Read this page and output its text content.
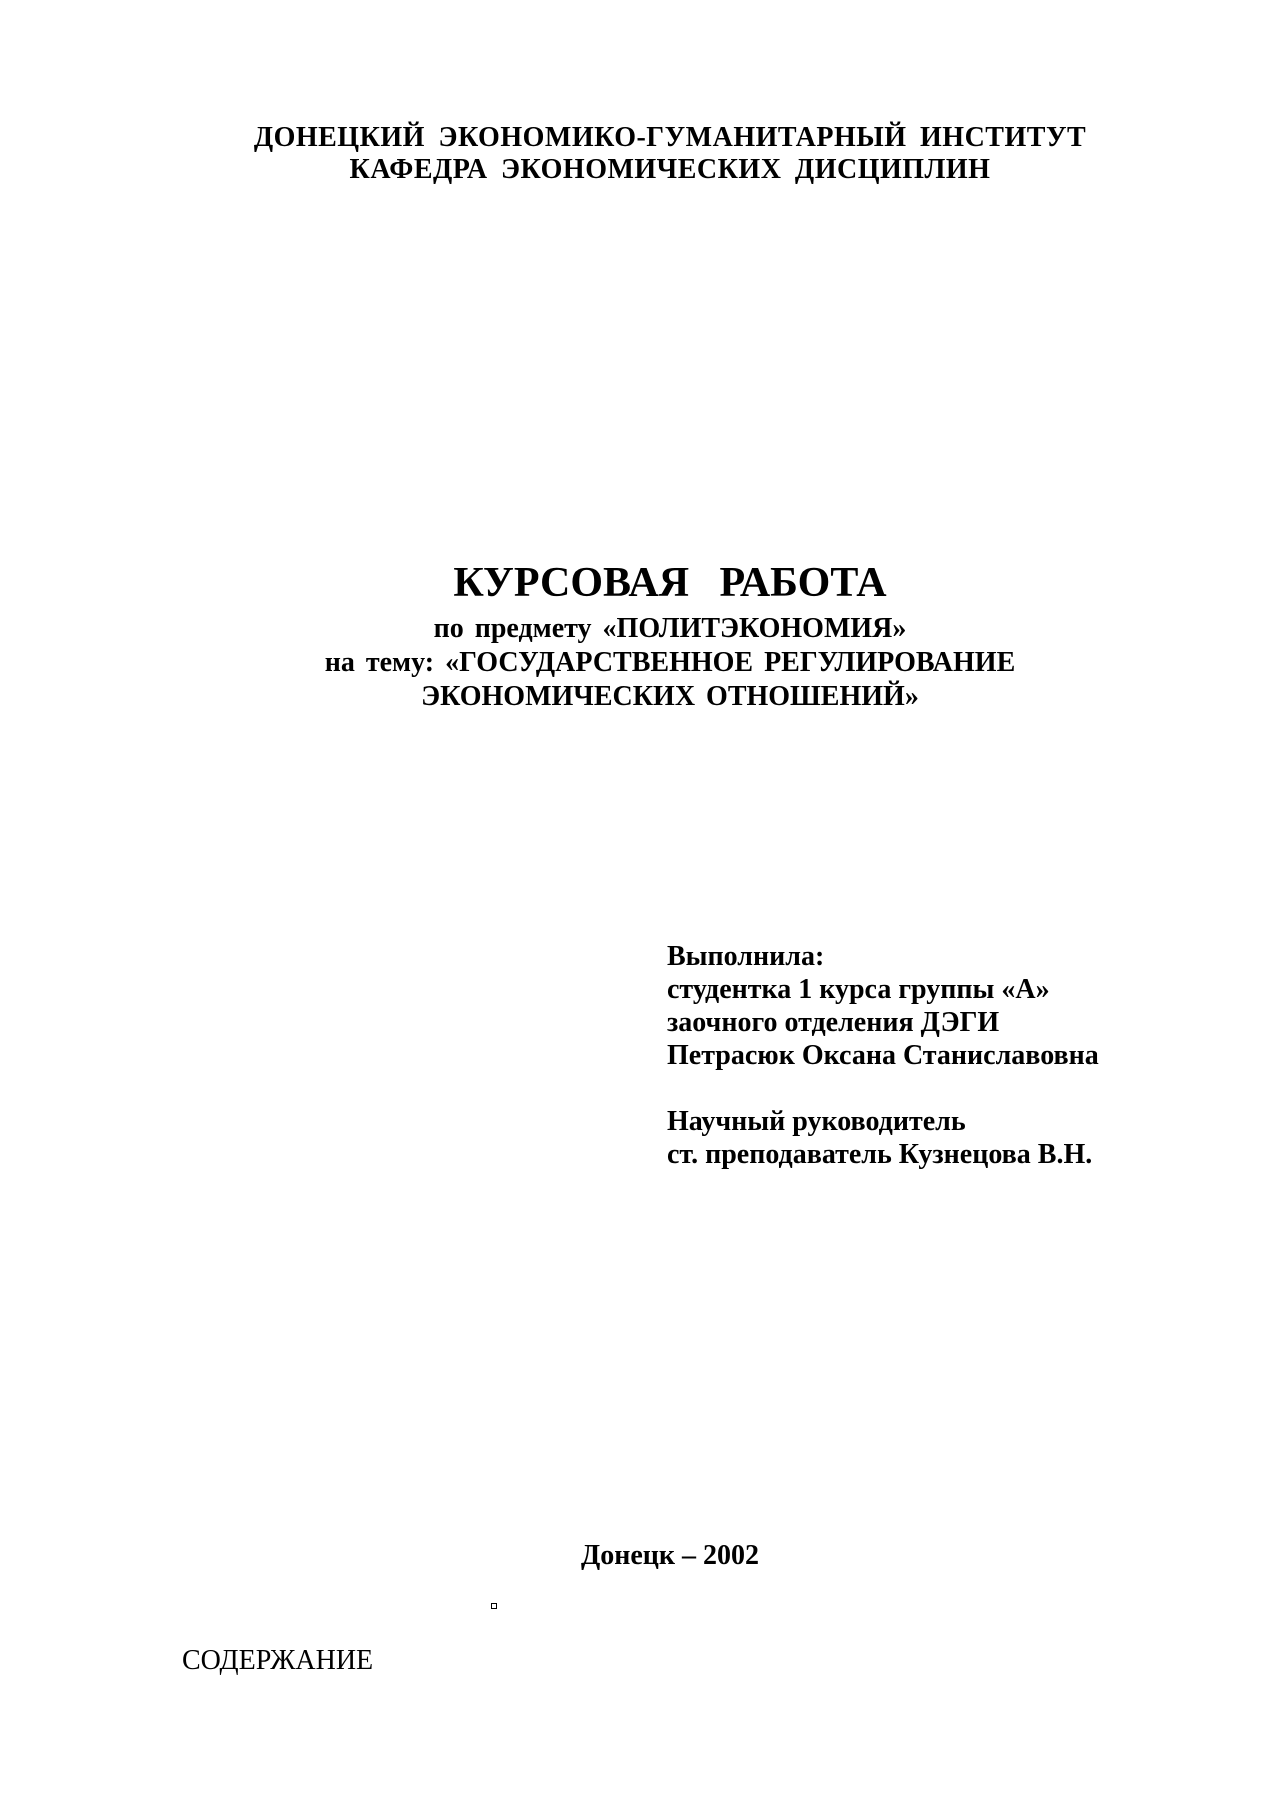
ДОНЕЦКИЙ ЭКОНОМИКО-ГУМАНИТАРНЫЙ ИНСТИТУТ
КАФЕДРА ЭКОНОМИЧЕСКИХ ДИСЦИПЛИН
КУРСОВАЯ РАБОТА
по предмету «ПОЛИТЭКОНОМИЯ»
на тему: «ГОСУДАРСТВЕННОЕ РЕГУЛИРОВАНИЕ
ЭКОНОМИЧЕСКИХ ОТНОШЕНИЙ»
Выполнила:
студентка 1 курса группы «А»
заочного отделения ДЭГИ
Петрасюк Оксана Станиславовна
Научный руководитель
ст. преподаватель Кузнецова В.Н.
Донецк – 2002
СОДЕРЖАНИЕ
